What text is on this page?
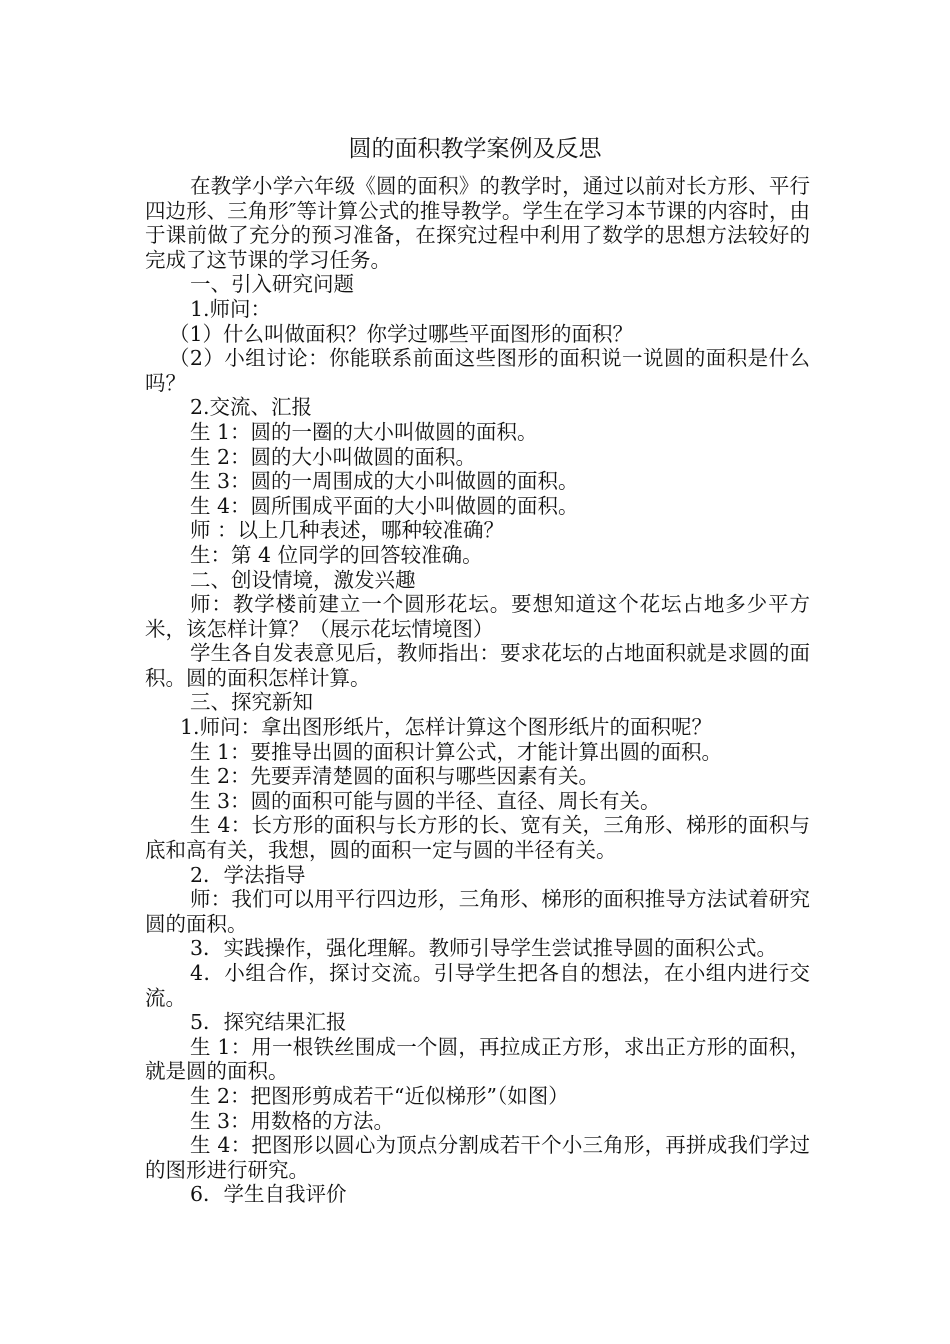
圆的面积教学案例及反思

在教学小学六年级《圆的面积》的教学时，通过以前对长方形、平行四边形、三角形″等计算公式的推导教学。学生在学习本节课的内容时，由于课前做了充分的预习准备，在探究过程中利用了数学的思想方法较好的完成了这节课的学习任务。

一、引入研究问题

1.师问：

（1）什么叫做面积？你学过哪些平面图形的面积？

（2）小组讨论：你能联系前面这些图形的面积说一说圆的面积是什么吗？

2.交流、汇报

生 1：圆的一圈的大小叫做圆的面积。

生 2：圆的大小叫做圆的面积。

生 3：圆的一周围成的大小叫做圆的面积。

生 4：圆所围成平面的大小叫做圆的面积。

师 ：以上几种表述，哪种较准确？

生：第 4 位同学的回答较准确。

二、创设情境，激发兴趣

师：教学楼前建立一个圆形花坛。要想知道这个花坛占地多少平方米，该怎样计算？（展示花坛情境图）

学生各自发表意见后，教师指出：要求花坛的占地面积就是求圆的面积。圆的面积怎样计算。

三、探究新知

1.师问：拿出图形纸片，怎样计算这个图形纸片的面积呢？

生 1：要推导出圆的面积计算公式，才能计算出圆的面积。

生 2：先要弄清楚圆的面积与哪些因素有关。

生 3：圆的面积可能与圆的半径、直径、周长有关。

生 4：长方形的面积与长方形的长、宽有关，三角形、梯形的面积与底和高有关，我想，圆的面积一定与圆的半径有关。

2．学法指导

师：我们可以用平行四边形，三角形、梯形的面积推导方法试着研究圆的面积。

3．实践操作，强化理解。教师引导学生尝试推导圆的面积公式。

4．小组合作，探讨交流。引导学生把各自的想法，在小组内进行交流。

5．探究结果汇报

生 1：用一根铁丝围成一个圆，再拉成正方形，求出正方形的面积，就是圆的面积。

生 2：把图形剪成若干“近似梯形”（如图）

生 3：用数格的方法。

生 4：把图形以圆心为顶点分割成若干个小三角形，再拼成我们学过的图形进行研究。

6．学生自我评价
